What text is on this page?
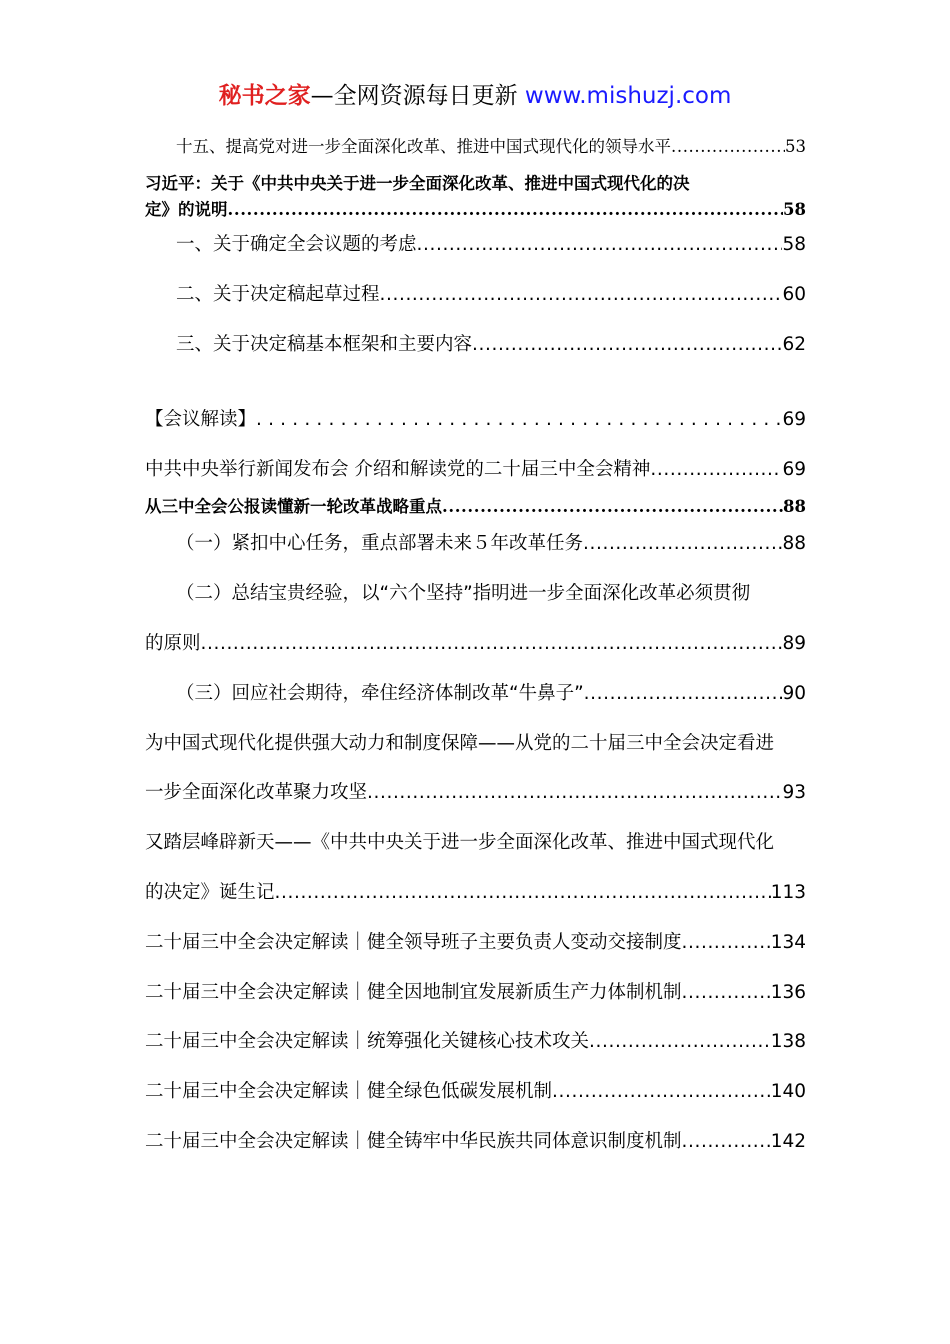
秘书之家—全网资源每日更新 www.mishuzj.com
十五、提高党对进一步全面深化改革、推进中国式现代化的领导水平 .....	53
习近平：关于《中共中央关于进一步全面深化改革、推进中国式现代化的决
定》的说明 .....	58
一、关于确定全会议题的考虑 .....	58
二、关于决定稿起草过程 .....	60
三、关于决定稿基本框架和主要内容 .....	62
【会议解读】 .....	69
中共中央举行新闻发布会 介绍和解读党的二十届三中全会精神 .....	69
从三中全会公报读懂新一轮改革战略重点 .....	88
（一）紧扣中心任务，重点部署未来５年改革任务 .....	88
（二）总结宝贵经验，以“六个坚持”指明进一步全面深化改革必须贯彻
的原则 .....	89
（三）回应社会期待，牵住经济体制改革“牛鼻子” .....	90
为中国式现代化提供强大动力和制度保障——从党的二十届三中全会决定看进
一步全面深化改革聚力攻坚 .....	93
又踏层峰辟新天——《中共中央关于进一步全面深化改革、推进中国式现代化
的决定》诞生记 .....	113
二十届三中全会决定解读｜健全领导班子主要负责人变动交接制度 .....	134
二十届三中全会决定解读｜健全因地制宜发展新质生产力体制机制 .....	136
二十届三中全会决定解读｜统筹强化关键核心技术攻关 .....	138
二十届三中全会决定解读｜健全绿色低碳发展机制 .....	140
二十届三中全会决定解读｜健全铸牢中华民族共同体意识制度机制 .....	142
